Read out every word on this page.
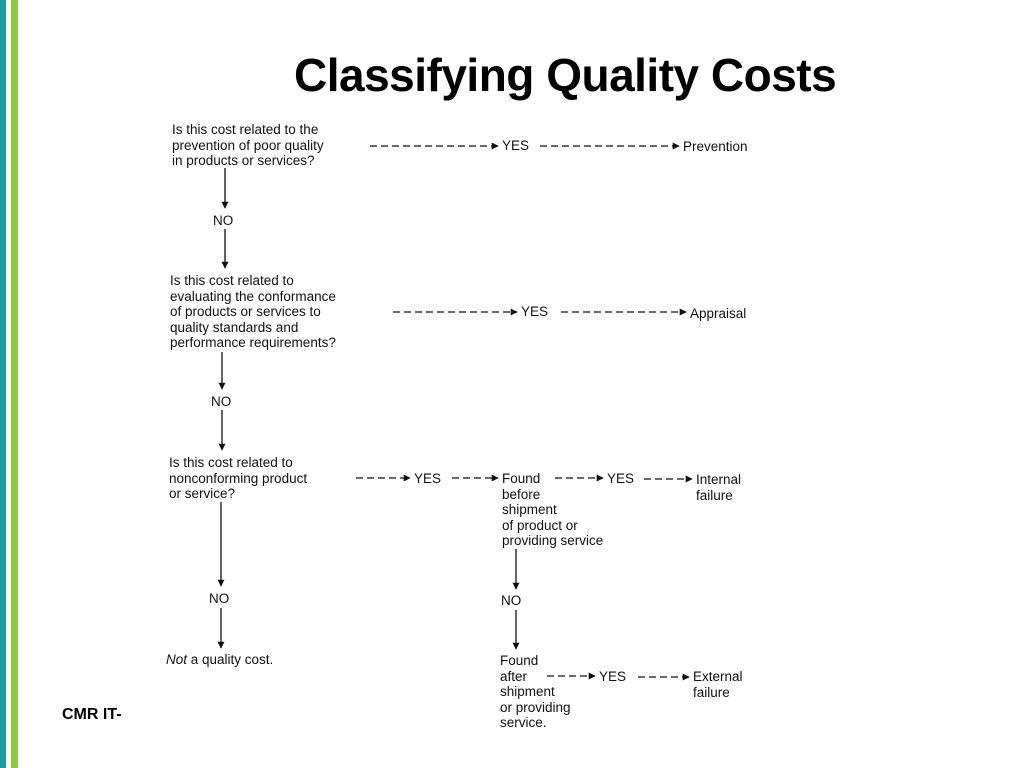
Classifying Quality Costs

Is this cost related to the
prevention of poor quality
in products or services?

YES	Prevention
NO

Is this cost related to
evaluating the conformance
of products or services to
quality standards and
performance requirements?

YES	Appraisal
NO

Is this cost related to
nonconforming product
or service?

YES
NO

Not a quality cost.

Found
before
shipment
of product or
providing service

YES	Internal
failure
NO

Found
after
shipment
or providing
service.

YES	External
failure
CMR IT-
